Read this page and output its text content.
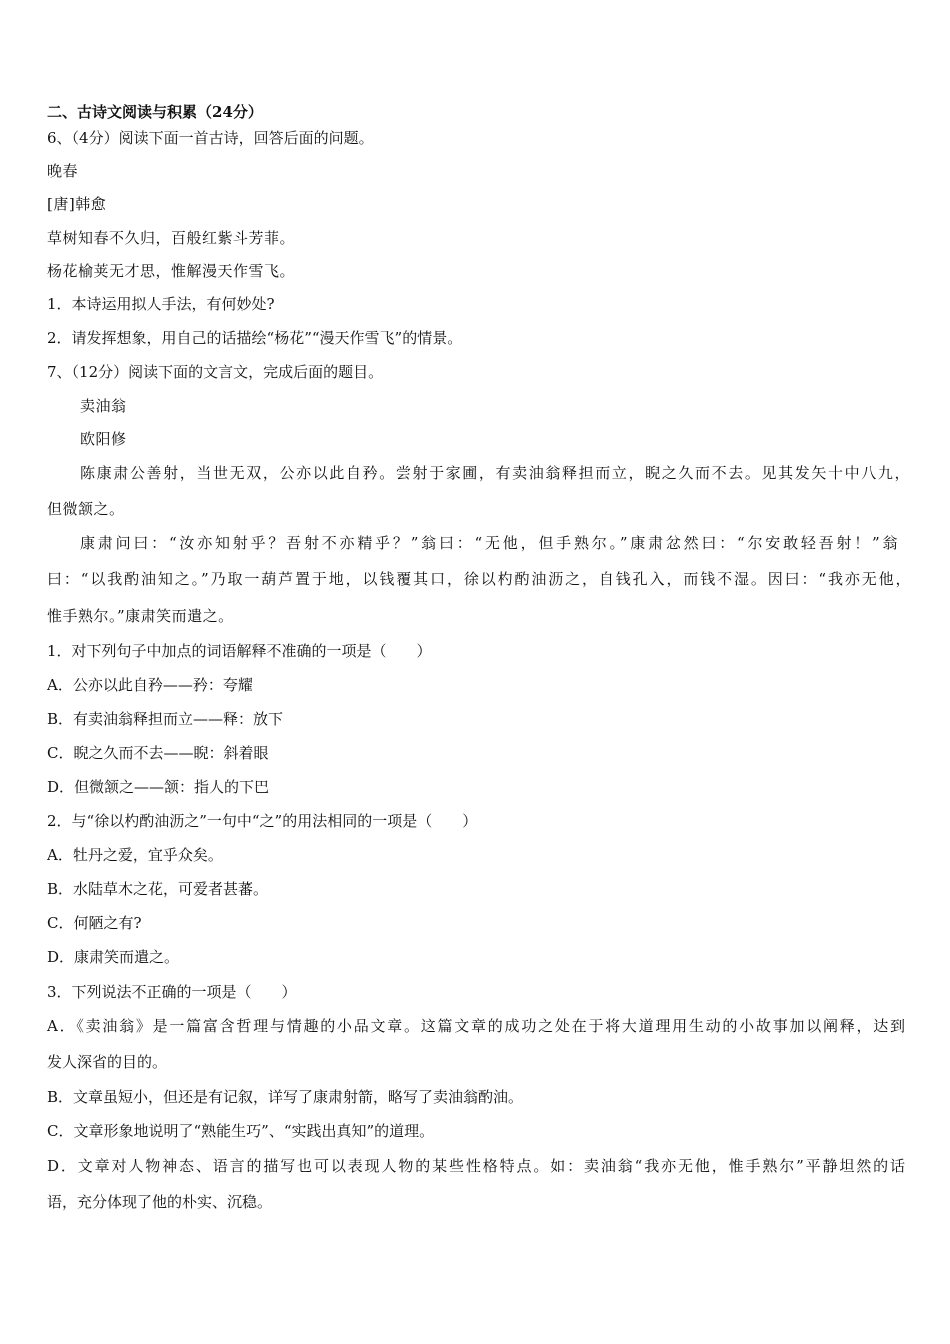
二、古诗文阅读与积累（24分）
6、（4分）阅读下面一首古诗，回答后面的问题。
晚春
[唐]韩愈
草树知春不久归，百般红紫斗芳菲。
杨花榆荚无才思，惟解漫天作雪飞。
1．本诗运用拟人手法，有何妙处?
2．请发挥想象，用自己的话描绘“杨花”“漫天作雪飞”的情景。
7、（12分）阅读下面的文言文，完成后面的题目。
卖油翁
欧阳修
陈康肃公善射，当世无双，公亦以此自矜。尝射于家圃，有卖油翁释担而立，睨之久而不去。见其发矢十中八九，
但微颔之。
康肃问曰：“汝亦知射乎？吾射不亦精乎？”翁曰：“无他，但手熟尔。”康肃忿然曰：“尔安敢轻吾射！”翁
曰：“以我酌油知之。”乃取一葫芦置于地，以钱覆其口，徐以杓酌油沥之，自钱孔入，而钱不湿。因曰：“我亦无他，
惟手熟尔。”康肃笑而遣之。
1．对下列句子中加点的词语解释不准确的一项是（　　）
A．公亦以此自矜——矜：夸耀
B．有卖油翁释担而立——释：放下
C．睨之久而不去——睨：斜着眼
D．但微颔之——颔：指人的下巴
2．与“徐以杓酌油沥之”一句中“之”的用法相同的一项是（　　）
A．牡丹之爱，宜乎众矣。
B．水陆草木之花，可爱者甚蕃。
C．何陋之有?
D．康肃笑而遣之。
3．下列说法不正确的一项是（　　）
A．《卖油翁》是一篇富含哲理与情趣的小品文章。这篇文章的成功之处在于将大道理用生动的小故事加以阐释，达到
发人深省的目的。
B．文章虽短小，但还是有记叙，详写了康肃射箭，略写了卖油翁酌油。
C．文章形象地说明了“熟能生巧”、“实践出真知”的道理。
D．文章对人物神态、语言的描写也可以表现人物的某些性格特点。如：卖油翁“我亦无他，惟手熟尔”平静坦然的话
语，充分体现了他的朴实、沉稳。
